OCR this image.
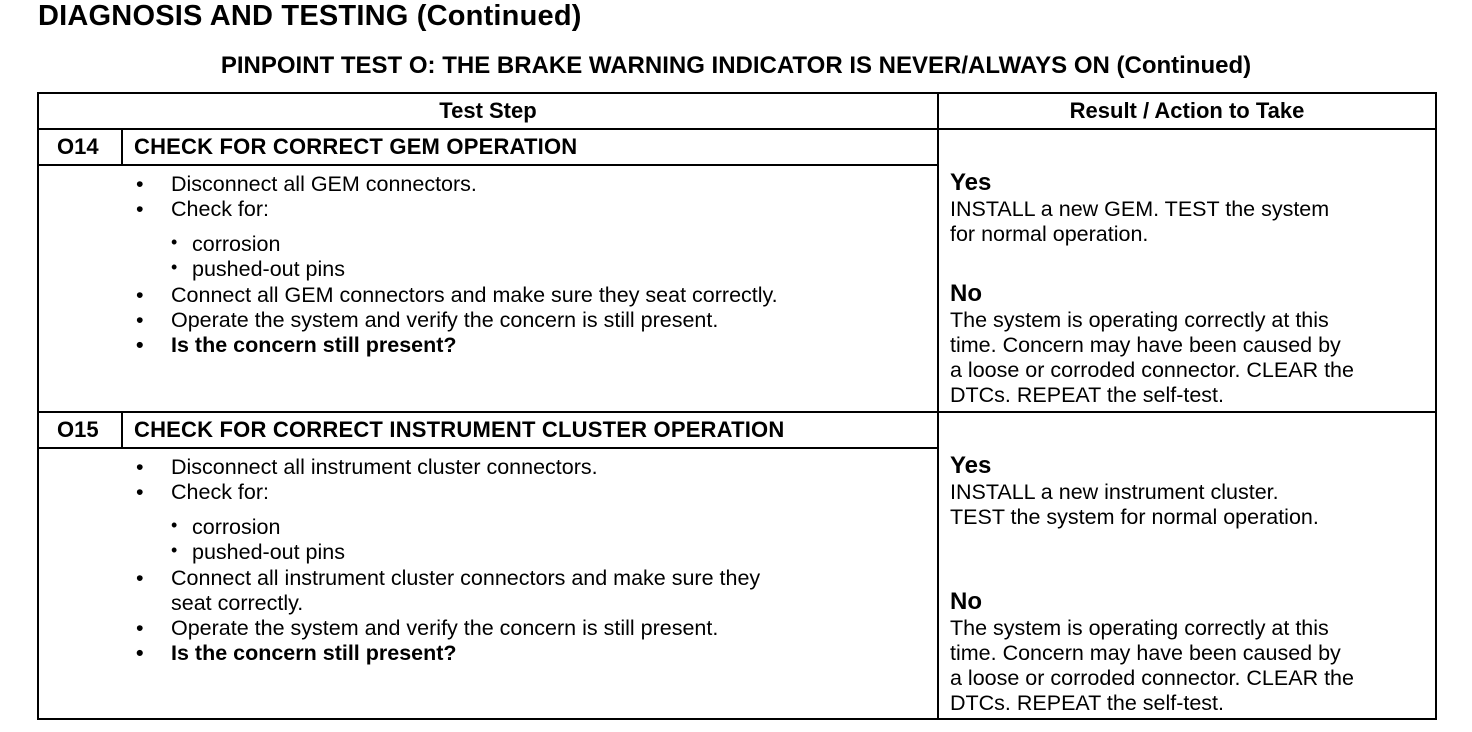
DIAGNOSIS AND TESTING (Continued)
PINPOINT TEST O: THE BRAKE WARNING INDICATOR IS NEVER/ALWAYS ON (Continued)
Test Step	Result / Action to Take
O14 CHECK FOR CORRECT GEM OPERATION
• Disconnect all GEM connectors.
• Check for:
• corrosion
• pushed-out pins
• Connect all GEM connectors and make sure they seat correctly.
• Operate the system and verify the concern is still present.
• Is the concern still present?
Yes
INSTALL a new GEM. TEST the system
for normal operation.
No
The system is operating correctly at this
time. Concern may have been caused by
a loose or corroded connector. CLEAR the
DTCs. REPEAT the self-test.
O15 CHECK FOR CORRECT INSTRUMENT CLUSTER OPERATION
• Disconnect all instrument cluster connectors.
• Check for:
• corrosion
• pushed-out pins
• Connect all instrument cluster connectors and make sure they
seat correctly.
• Operate the system and verify the concern is still present.
• Is the concern still present?
Yes
INSTALL a new instrument cluster.
TEST the system for normal operation.
No
The system is operating correctly at this
time. Concern may have been caused by
a loose or corroded connector. CLEAR the
DTCs. REPEAT the self-test.
